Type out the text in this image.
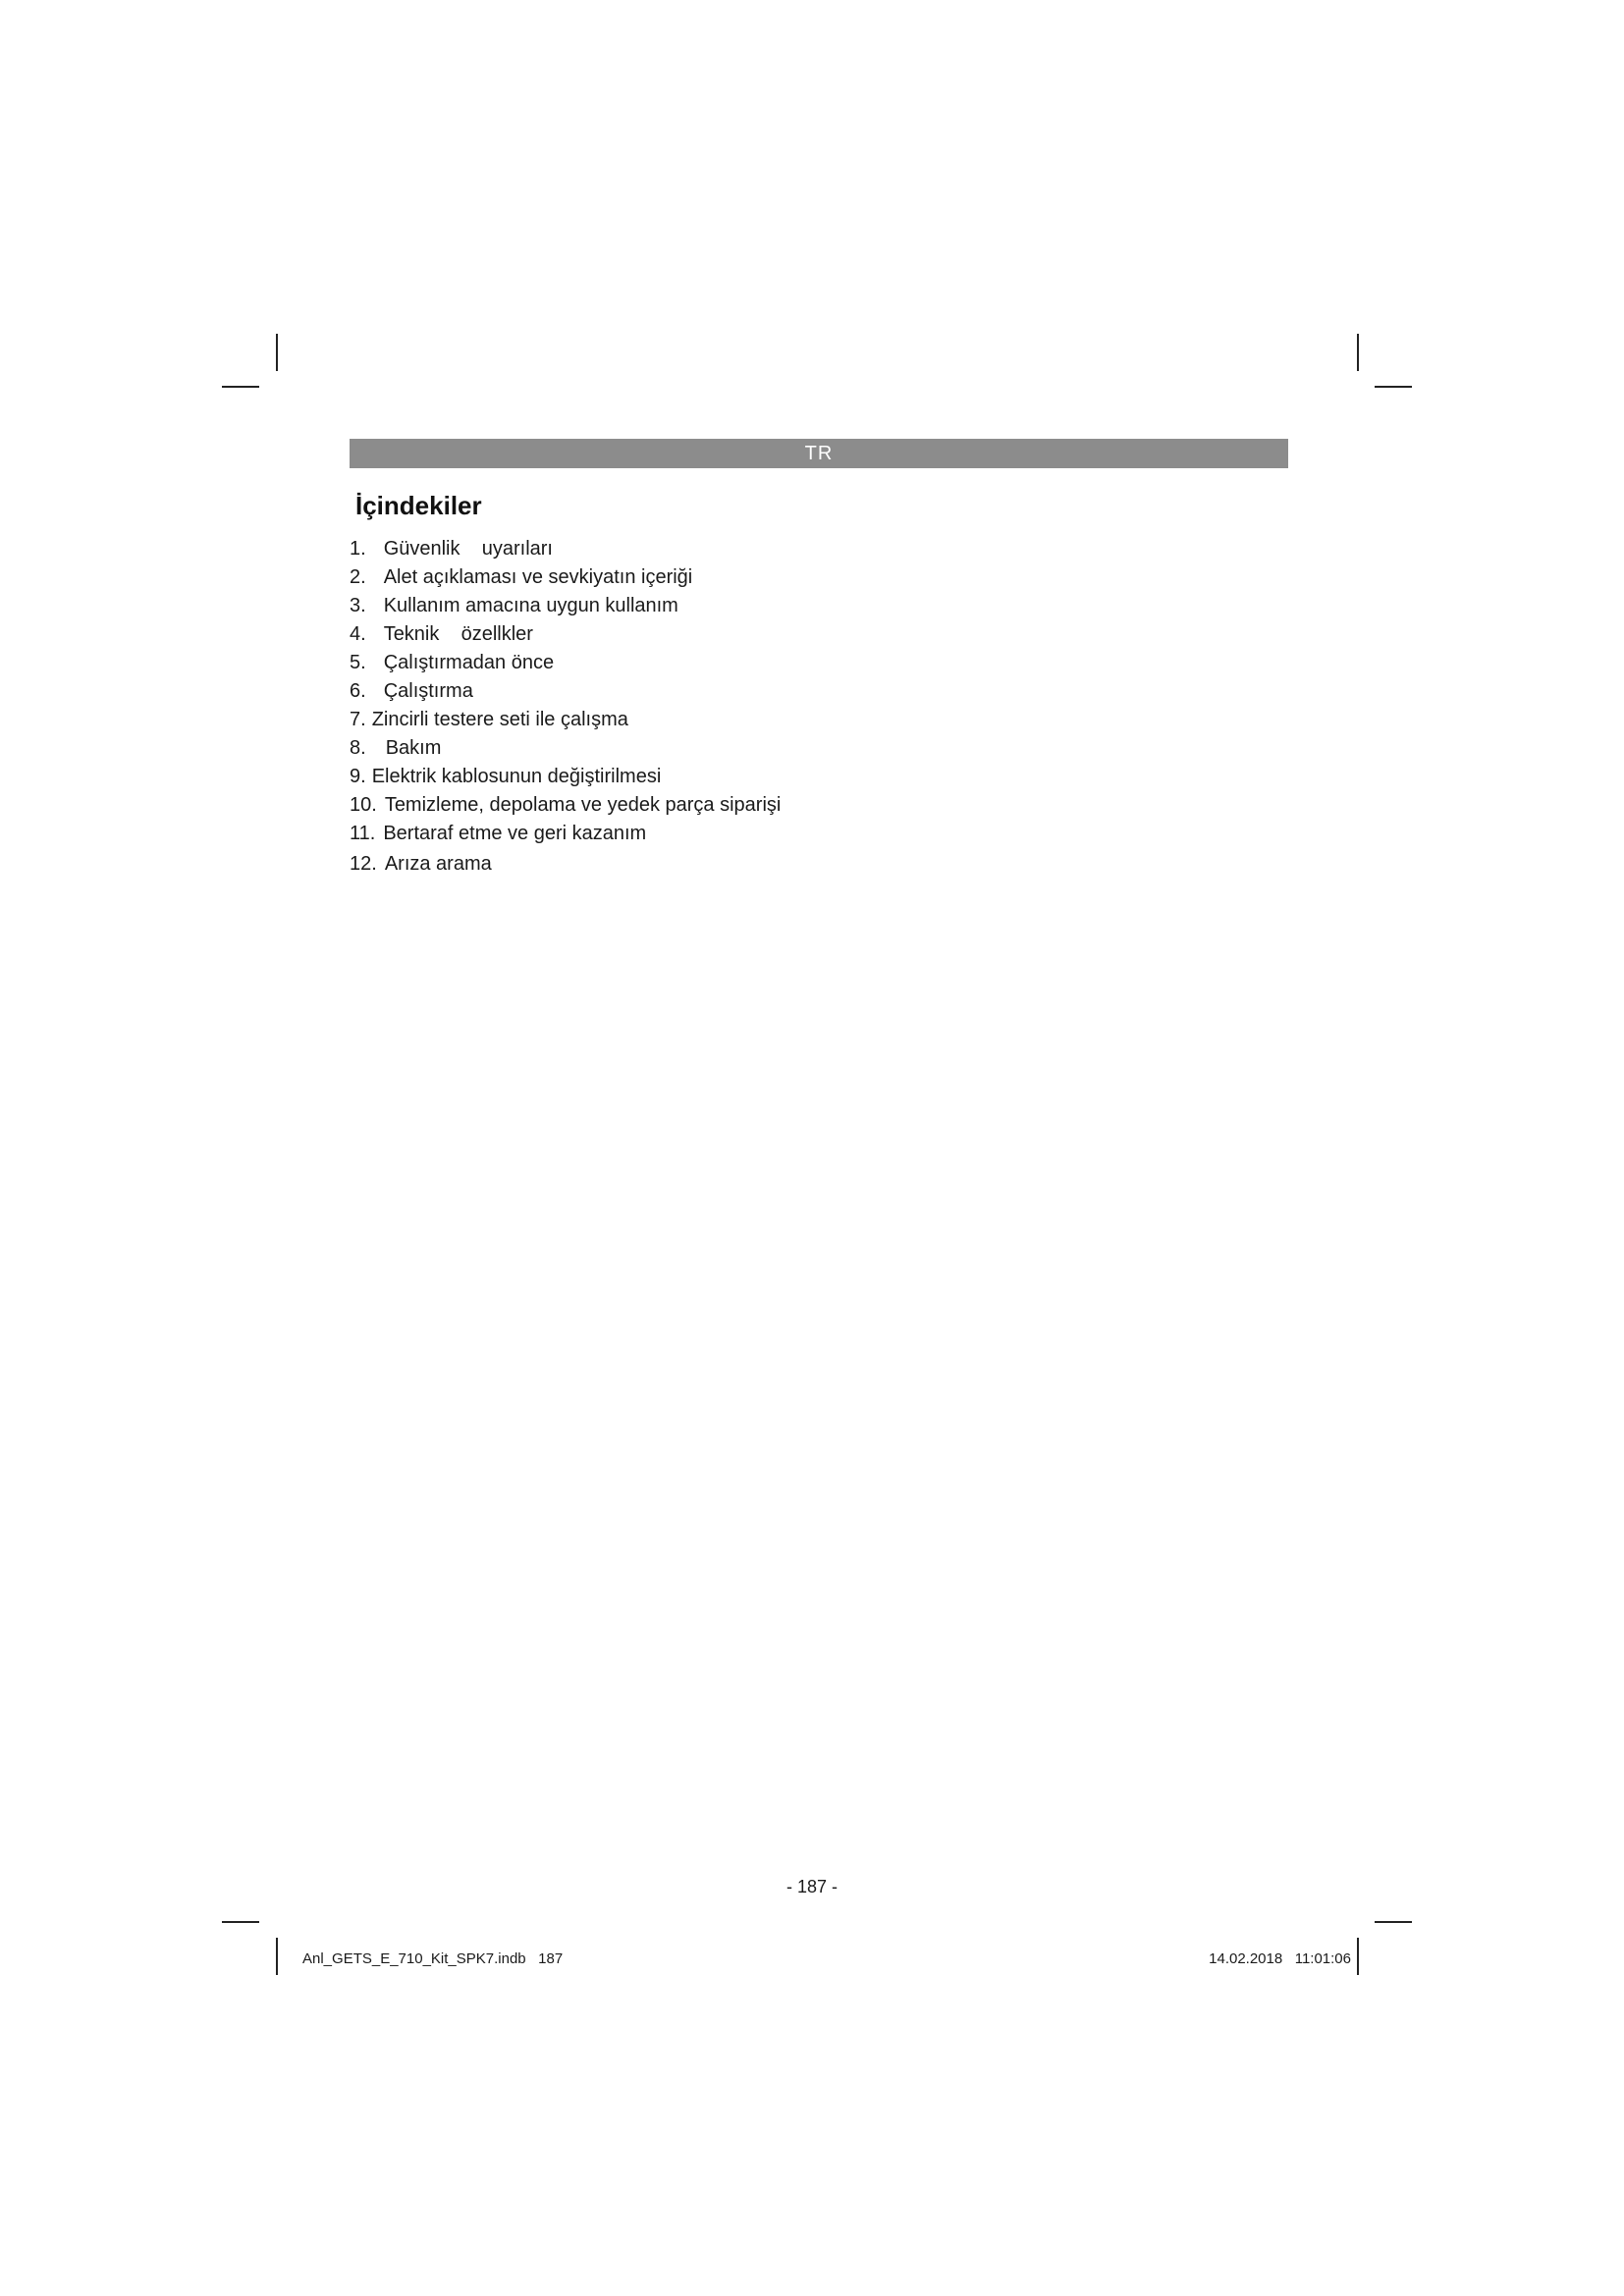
TR
İçindekiler
1. Güvenlik    uyarıları
2. Alet açıklaması ve sevkiyatın içeriği
3. Kullanım amacına uygun kullanım
4. Teknik    özellkler
5. Çalıştırmadan önce
6. Çalıştırma
7. Zincirli testere seti ile çalışma
8. Bakım
9. Elektrik kablosunun değiştirilmesi
10. Temizleme, depolama ve yedek parça siparişi
11. Bertaraf etme ve geri kazanım
12. Arıza arama
- 187 -
Anl_GETS_E_710_Kit_SPK7.indb   187	14.02.2018   11:01:06
